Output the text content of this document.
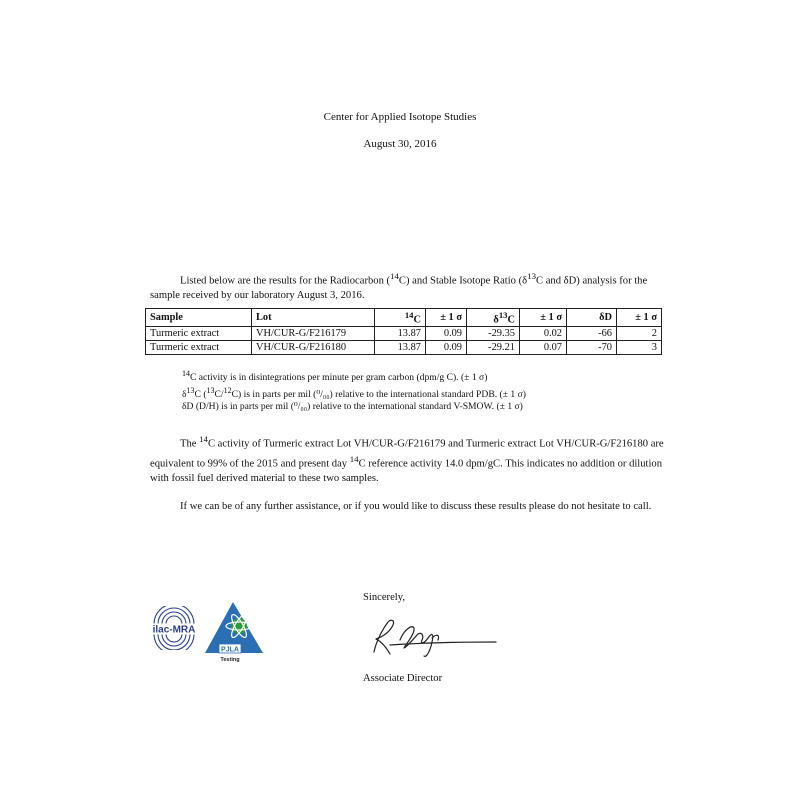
Center for Applied Isotope Studies
August 30, 2016
Listed below are the results for the Radiocarbon ($^{14}$C) and Stable Isotope Ratio ($\delta^{13}C$ and δD) analysis for the sample received by our laboratory August 3, 2016.
Sample	Lot	$^{14}$C	± 1 σ	$\delta^{13}C$	± 1 σ	δD	± 1 σ
Turmeric extract	VH/CUR-G/F216179	13.87	0.09	-29.35	0.02	-66	2
Turmeric extract	VH/CUR-G/F216180	13.87	0.09	-29.21	0.07	-70	3
$^{14}$C activity is in disintegrations per minute per gram carbon (dpm/g C). (± 1 σ)
$\delta^{13}C$ ($^{13}$C/$^{12}$C) is in parts per mil (⁰/₀₀) relative to the international standard PDB. (± 1 σ)
δD (D/H) is in parts per mil (⁰/₀₀) relative to the international standard V-SMOW. (± 1 σ)
The $^{14}$C activity of Turmeric extract Lot VH/CUR-G/F216179 and Turmeric extract Lot VH/CUR-G/F216180 are equivalent to 99% of the 2015 and present day $^{14}$C reference activity 14.0 dpm/gC. This indicates no addition or dilution with fossil fuel derived material to these two samples.
If we can be of any further assistance, or if you would like to discuss these results please do not hesitate to call.
Sincerely,
Associate Director
ilac-MRA
PJLA
Testing
